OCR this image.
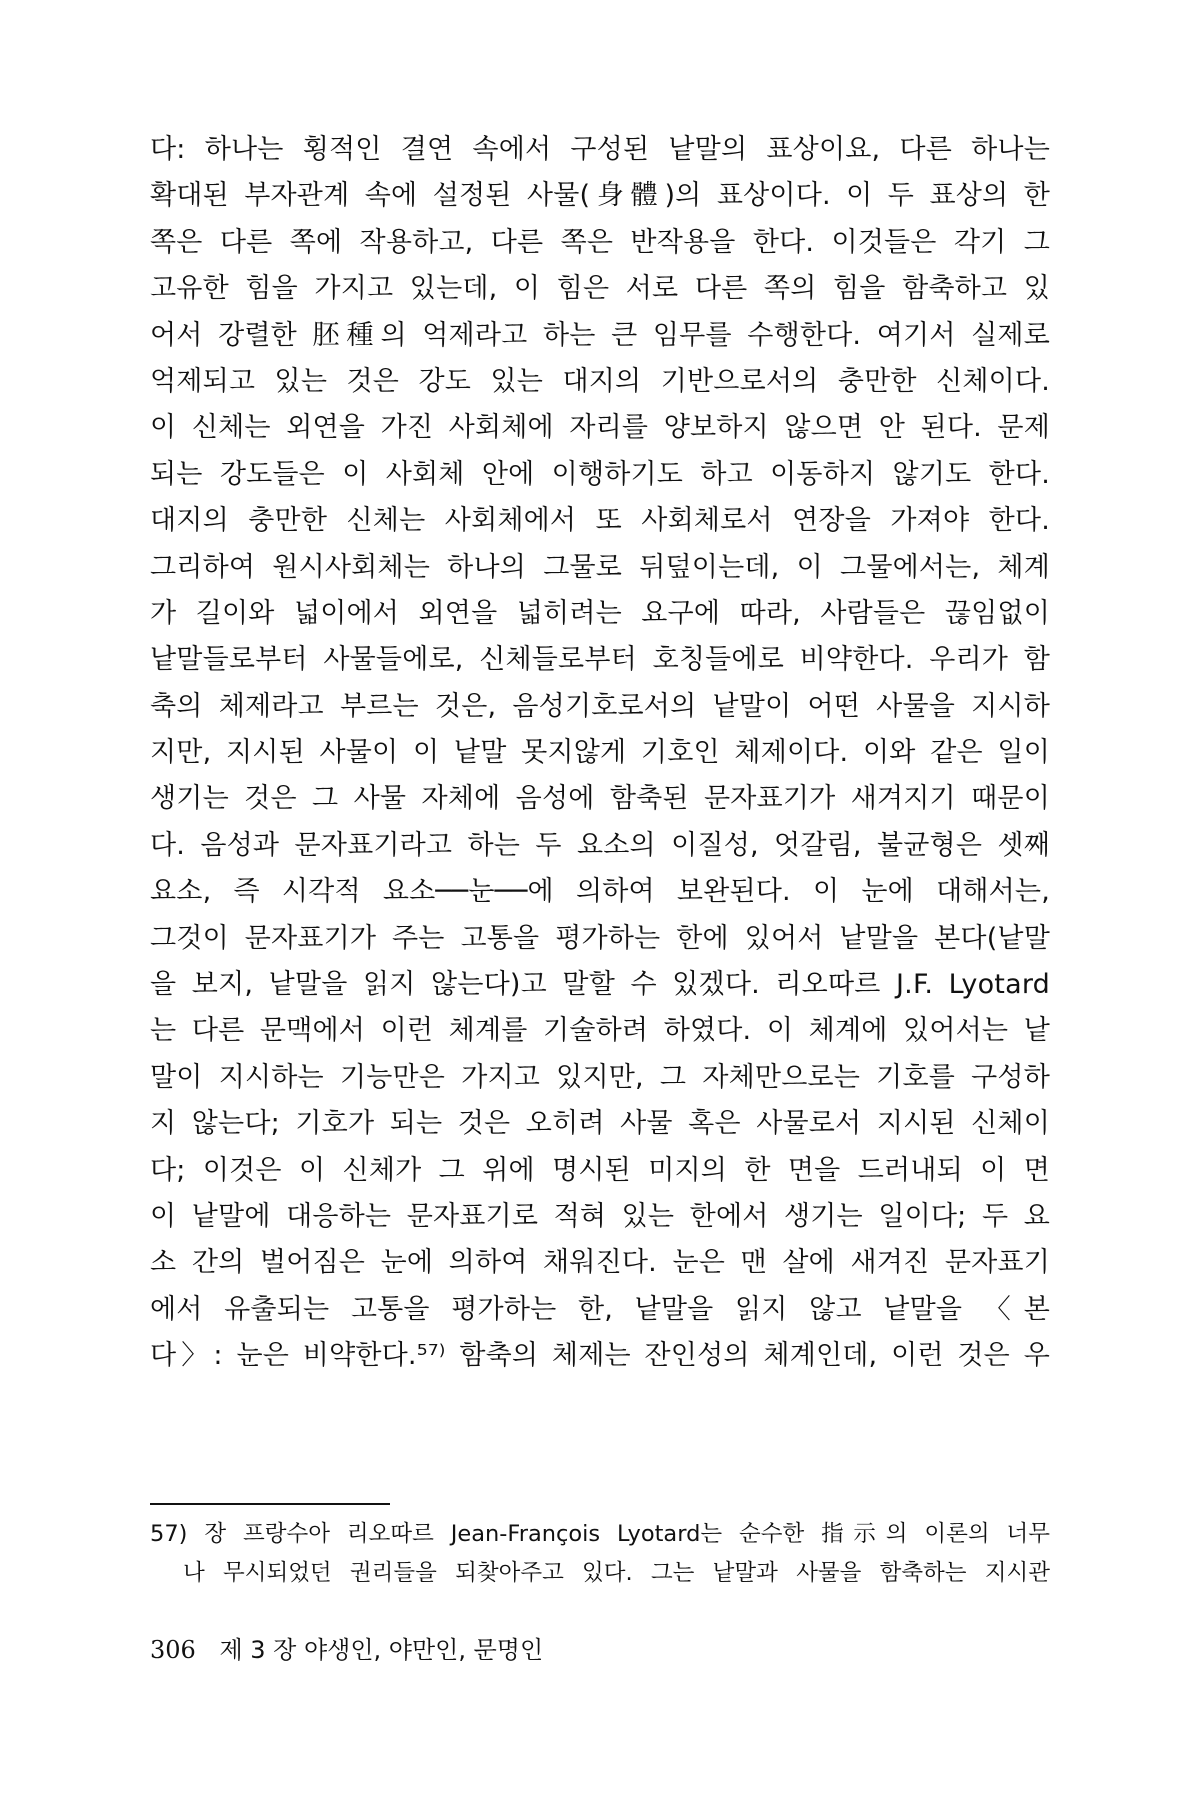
다: 하나는 횡적인 결연 속에서 구성된 낱말의 표상이요, 다른 하나는
확대된 부자관계 속에 설정된 사물(身體)의 표상이다. 이 두 표상의 한
쪽은 다른 쪽에 작용하고, 다른 쪽은 반작용을 한다. 이것들은 각기 그
고유한 힘을 가지고 있는데, 이 힘은 서로 다른 쪽의 힘을 함축하고 있
어서 강렬한 胚種의 억제라고 하는 큰 임무를 수행한다. 여기서 실제로
억제되고 있는 것은 강도 있는 대지의 기반으로서의 충만한 신체이다.
이 신체는 외연을 가진 사회체에 자리를 양보하지 않으면 안 된다. 문제
되는 강도들은 이 사회체 안에 이행하기도 하고 이동하지 않기도 한다.
대지의 충만한 신체는 사회체에서 또 사회체로서 연장을 가져야 한다.
그리하여 원시사회체는 하나의 그물로 뒤덮이는데, 이 그물에서는, 체계
가 길이와 넓이에서 외연을 넓히려는 요구에 따라, 사람들은 끊임없이
낱말들로부터 사물들에로, 신체들로부터 호칭들에로 비약한다. 우리가 함
축의 체제라고 부르는 것은, 음성기호로서의 낱말이 어떤 사물을 지시하
지만, 지시된 사물이 이 낱말 못지않게 기호인 체제이다. 이와 같은 일이
생기는 것은 그 사물 자체에 음성에 함축된 문자표기가 새겨지기 때문이
다. 음성과 문자표기라고 하는 두 요소의 이질성, 엇갈림, 불균형은 셋째
요소, 즉 시각적 요소──눈──에 의하여 보완된다. 이 눈에 대해서는,
그것이 문자표기가 주는 고통을 평가하는 한에 있어서 낱말을 본다(낱말
을 보지, 낱말을 읽지 않는다)고 말할 수 있겠다. 리오따르 J.F. Lyotard
는 다른 문맥에서 이런 체계를 기술하려 하였다. 이 체계에 있어서는 낱
말이 지시하는 기능만은 가지고 있지만, 그 자체만으로는 기호를 구성하
지 않는다; 기호가 되는 것은 오히려 사물 혹은 사물로서 지시된 신체이
다; 이것은 이 신체가 그 위에 명시된 미지의 한 면을 드러내되 이 면
이 낱말에 대응하는 문자표기로 적혀 있는 한에서 생기는 일이다; 두 요
소 간의 벌어짐은 눈에 의하여 채워진다. 눈은 맨 살에 새겨진 문자표기
에서 유출되는 고통을 평가하는 한, 낱말을 읽지 않고 낱말을 〈본
다〉: 눈은 비약한다.⁵⁷⁾ 함축의 체제는 잔인성의 체계인데, 이런 것은 우
57) 장 프랑수아 리오따르 Jean-François Lyotard는 순수한 指示의 이론의 너무
나 무시되었던 권리들을 되찾아주고 있다. 그는 낱말과 사물을 함축하는 지시관
306 제 3 장 야생인, 야만인, 문명인
